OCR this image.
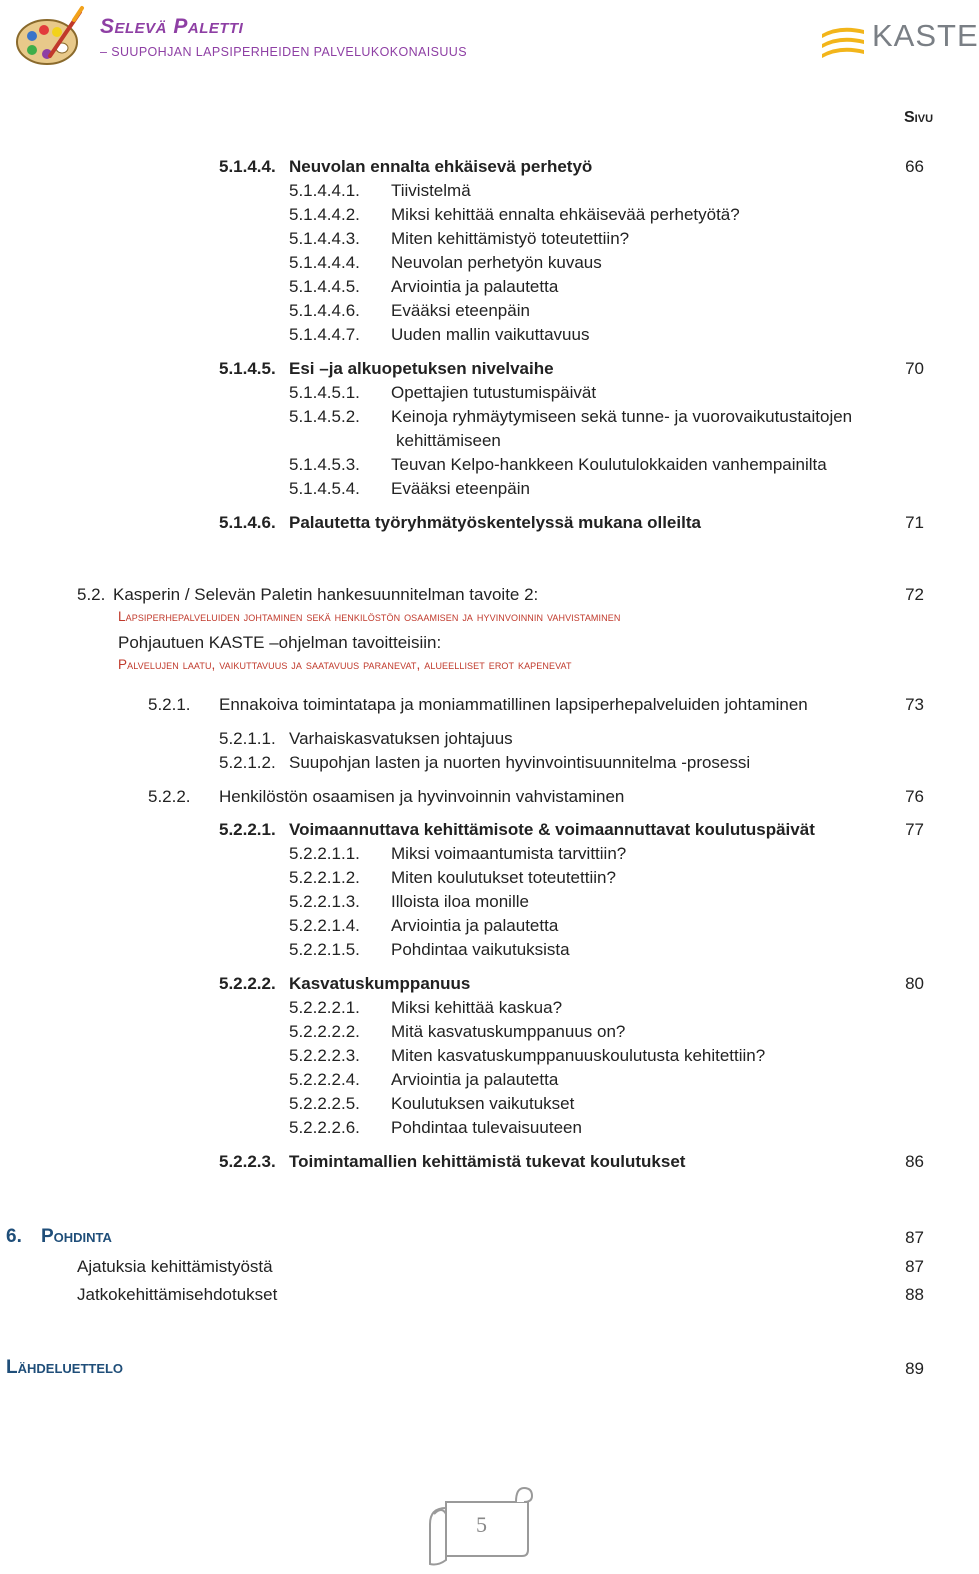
Selevä Paletti
– SUUPOHJAN LAPSIPERHEIDEN PALVELUKOKONAISUUS	KASTE
Sivu
5.1.4.4. Neuvolan ennalta ehkäisevä perhetyö	66
5.1.4.4.1. Tiivistelmä
5.1.4.4.2. Miksi kehittää ennalta ehkäisevää perhetyötä?
5.1.4.4.3. Miten kehittämistyö toteutettiin?
5.1.4.4.4. Neuvolan perhetyön kuvaus
5.1.4.4.5. Arviointia ja palautetta
5.1.4.4.6. Evääksi eteenpäin
5.1.4.4.7. Uuden mallin vaikuttavuus
5.1.4.5. Esi –ja alkuopetuksen nivelvaihe	70
5.1.4.5.1. Opettajien tutustumispäivät
5.1.4.5.2. Keinoja ryhmäytymiseen sekä tunne- ja vuorovaikutustaitojen
kehittämiseen
5.1.4.5.3. Teuvan Kelpo-hankkeen Koulutulokkaiden vanhempainilta
5.1.4.5.4. Evääksi eteenpäin
5.1.4.6. Palautetta työryhmätyöskentelyssä mukana olleilta	71
5.2. Kasperin / Selevän Paletin hankesuunnitelman tavoite 2:	72
Lapsiperhepalveluiden johtaminen sekä henkilöstön osaamisen ja hyvinvoinnin vahvistaminen
Pohjautuen KASTE –ohjelman tavoitteisiin:
Palvelujen laatu, vaikuttavuus ja saatavuus paranevat, alueelliset erot kapenevat
5.2.1. Ennakoiva toimintatapa ja moniammatillinen lapsiperhepalveluiden johtaminen	73
5.2.1.1. Varhaiskasvatuksen johtajuus
5.2.1.2. Suupohjan lasten ja nuorten hyvinvointisuunnitelma -prosessi
5.2.2. Henkilöstön osaamisen ja hyvinvoinnin vahvistaminen	76
5.2.2.1. Voimaannuttava kehittämisote & voimaannuttavat koulutuspäivät	77
5.2.2.1.1. Miksi voimaantumista tarvittiin?
5.2.2.1.2. Miten koulutukset toteutettiin?
5.2.2.1.3. Illoista iloa monille
5.2.2.1.4. Arviointia ja palautetta
5.2.2.1.5. Pohdintaa vaikutuksista
5.2.2.2. Kasvatuskumppanuus	80
5.2.2.2.1. Miksi kehittää kaskua?
5.2.2.2.2. Mitä kasvatuskumppanuus on?
5.2.2.2.3. Miten kasvatuskumppanuuskoulutusta kehitettiin?
5.2.2.2.4. Arviointia ja palautetta
5.2.2.2.5. Koulutuksen vaikutukset
5.2.2.2.6. Pohdintaa tulevaisuuteen
5.2.2.3. Toimintamallien kehittämistä tukevat koulutukset	86
6. Pohdinta	87
Ajatuksia kehittämistyöstä	87
Jatkokehittämisehdotukset	88
Lähdeluettelo	89
5
